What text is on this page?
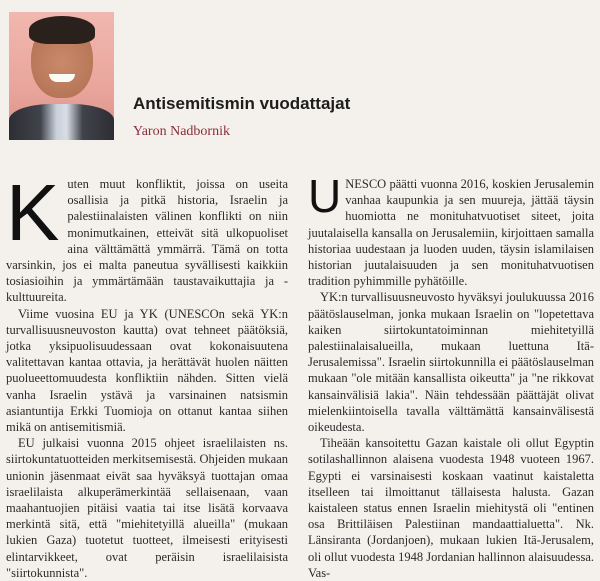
Antisemitismin vuodattajat

Yaron Nadbornik

Kuten muut konfliktit, joissa on useita osallisia ja pitkä historia, Israelin ja palestiinalaisten välinen konflikti on niin monimutkainen, etteivät sitä ulkopuoliset aina välttämättä ymmärrä. Tämä on totta varsinkin, jos ei malta paneutua syvällisesti kaikkiin tosiasioihin ja ymmärtämään taustavaikuttajia ja -kulttuureita.

Viime vuosina EU ja YK (UNESCOn sekä YK:n turvallisuusneuvoston kautta) ovat tehneet päätöksiä, jotka yksipuolisuudessaan ovat kokonaisuutena valitettavan kantaa ottavia, ja herättävät huolen näitten puolueettomuudesta konfliktiin nähden. Sitten vielä vanha Israelin ystävä ja varsinainen natsismin asiantuntija Erkki Tuomioja on ottanut kantaa siihen mikä on antisemitismiä.

EU julkaisi vuonna 2015 ohjeet israelilaisten ns. siirtokuntatuotteiden merkitsemisestä. Ohjeiden mukaan unionin jäsenmaat eivät saa hyväksyä tuottajan omaa israelilaista alkuperämerkintää sellaisenaan, vaan maahantuojien pitäisi vaatia tai itse lisätä korvaava merkintä sitä, että "miehitetyillä alueilla" (mukaan lukien Gaza) tuotetut tuotteet, ilmeisesti erityisesti elintarvikkeet, ovat peräisin israelilaisista "siirtokunnista".

UNESCO päätti vuonna 2016, koskien Jerusalemin vanhaa kaupunkia ja sen muureja, jättää täysin huomiotta ne monituhatvuotiset siteet, joita juutalaisella kansalla on Jerusalemiin, kirjoittaen samalla historiaa uudestaan ja luoden uuden, täysin islamilaisen historian juutalaisuuden ja sen monituhatvuotisen tradition pyhimmille pyhätöille.

YK:n turvallisuusneuvosto hyväksyi joulukuussa 2016 päätöslauselman, jonka mukaan Israelin on "lopetettava kaiken siirtokuntatoiminnan miehitetyillä palestiinalaisalueilla, mukaan luettuna Itä-Jerusalemissa". Israelin siirtokunnilla ei päätöslauselman mukaan "ole mitään kansallista oikeutta" ja "ne rikkovat kansainvälisiä lakia". Näin tehdessään päättäjät olivat mielenkiintoisella tavalla välttämättä kansainvälisestä oikeudesta.

Tiheään kansoitettu Gazan kaistale oli ollut Egyptin sotilashallinnon alaisena vuodesta 1948 vuoteen 1967. Egypti ei varsinaisesti koskaan vaatinut kaistaletta itselleen tai ilmoittanut tällaisesta halusta. Gazan kaistaleen status ennen Israelin miehitystä oli "entinen osa Brittiläisen Palestiinan mandaattialuetta". Nk. Länsiranta (Jordanjoen), mukaan lukien Itä-Jerusalem, oli ollut vuodesta 1948 Jordanian hallinnon alaisuudessa. Vas-
